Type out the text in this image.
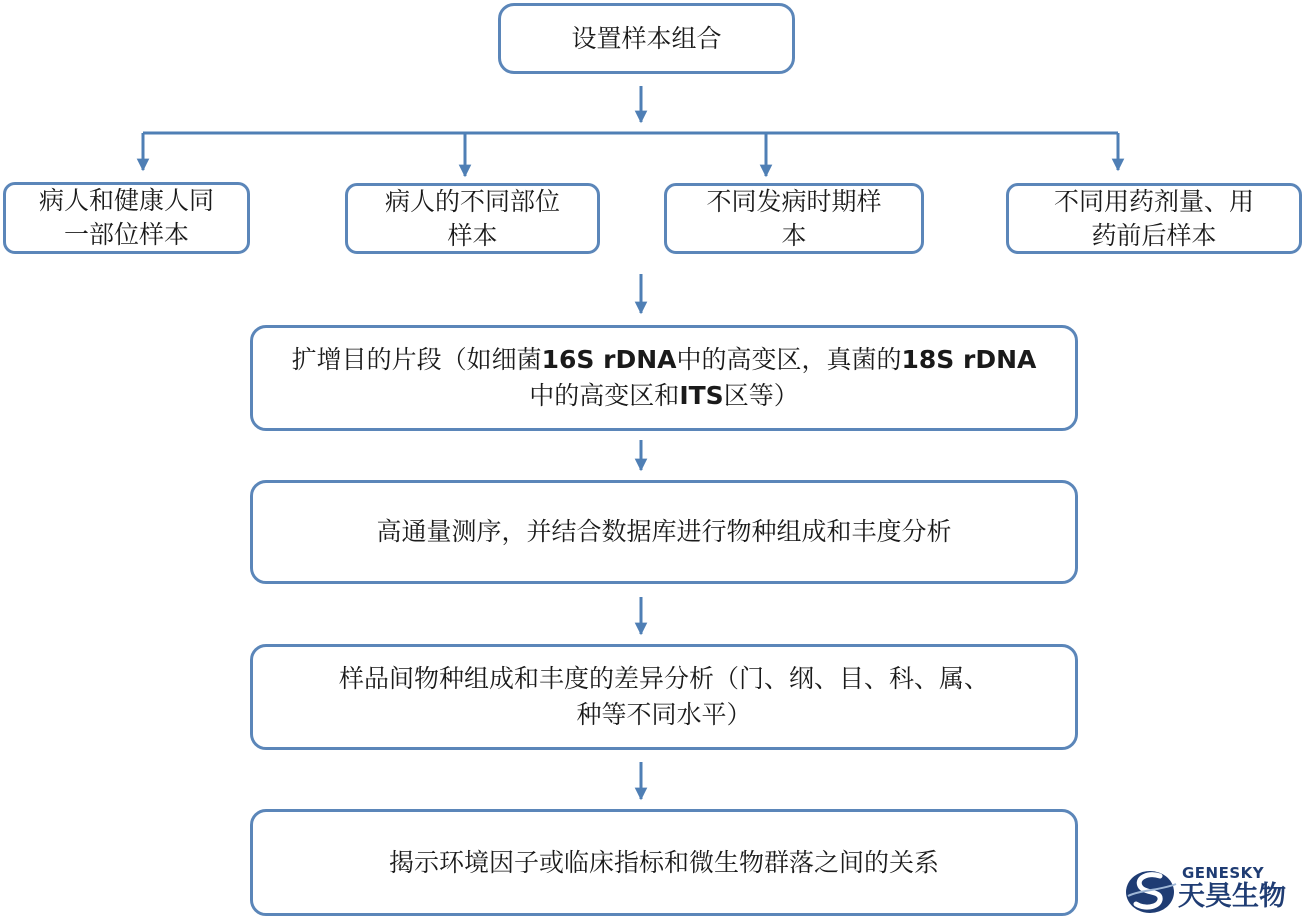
设置样本组合
病人和健康人同
一部位样本
病人的不同部位
样本
不同发病时期样
本
不同用药剂量、用
药前后样本
扩增目的片段（如细菌16S rDNA中的高变区，真菌的18S rDNA
中的高变区和ITS区等）
高通量测序，并结合数据库进行物种组成和丰度分析
样品间物种组成和丰度的差异分析（门、纲、目、科、属、
种等不同水平）
揭示环境因子或临床指标和微生物群落之间的关系	GENESKY
天昊生物
